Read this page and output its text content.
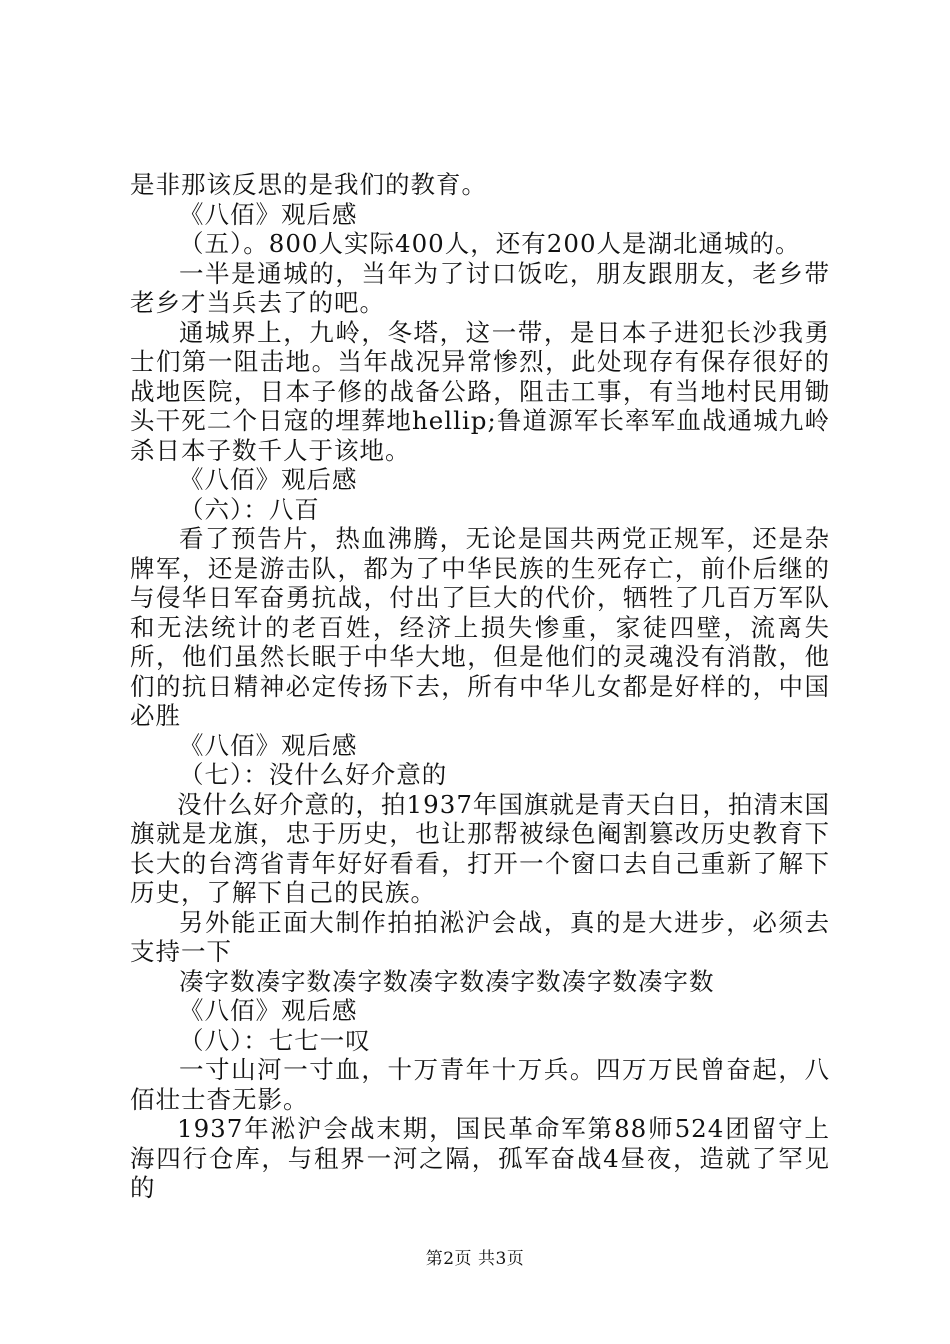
是非那该反思的是我们的教育。

《八佰》观后感

（五）。800人实际400人，还有200人是湖北通城的。

一半是通城的，当年为了讨口饭吃，朋友跟朋友，老乡带老乡才当兵去了的吧。

通城界上，九岭，冬塔，这一带，是日本子进犯长沙我勇士们第一阻击地。当年战况异常惨烈，此处现存有保存很好的战地医院，日本子修的战备公路，阻击工事，有当地村民用锄头干死二个日寇的埋葬地hellip;鲁道源军长率军血战通城九岭杀日本子数千人于该地。

《八佰》观后感

（六）：八百

看了预告片，热血沸腾，无论是国共两党正规军，还是杂牌军，还是游击队，都为了中华民族的生死存亡，前仆后继的与侵华日军奋勇抗战，付出了巨大的代价，牺牲了几百万军队和无法统计的老百姓，经济上损失惨重，家徒四壁，流离失所，他们虽然长眠于中华大地，但是他们的灵魂没有消散，他们的抗日精神必定传扬下去，所有中华儿女都是好样的，中国必胜

《八佰》观后感

（七）：没什么好介意的

没什么好介意的，拍1937年国旗就是青天白日，拍清末国旗就是龙旗，忠于历史，也让那帮被绿色阉割篡改历史教育下长大的台湾省青年好好看看，打开一个窗口去自己重新了解下历史，了解下自己的民族。

另外能正面大制作拍拍淞沪会战，真的是大进步，必须去支持一下

凑字数凑字数凑字数凑字数凑字数凑字数凑字数

《八佰》观后感

（八）：七七一叹

一寸山河一寸血，十万青年十万兵。四万万民曾奋起，八佰壮士杳无影。

1937年淞沪会战末期，国民革命军第88师524团留守上海四行仓库，与租界一河之隔，孤军奋战4昼夜，造就了罕见的

第2页 共3页
